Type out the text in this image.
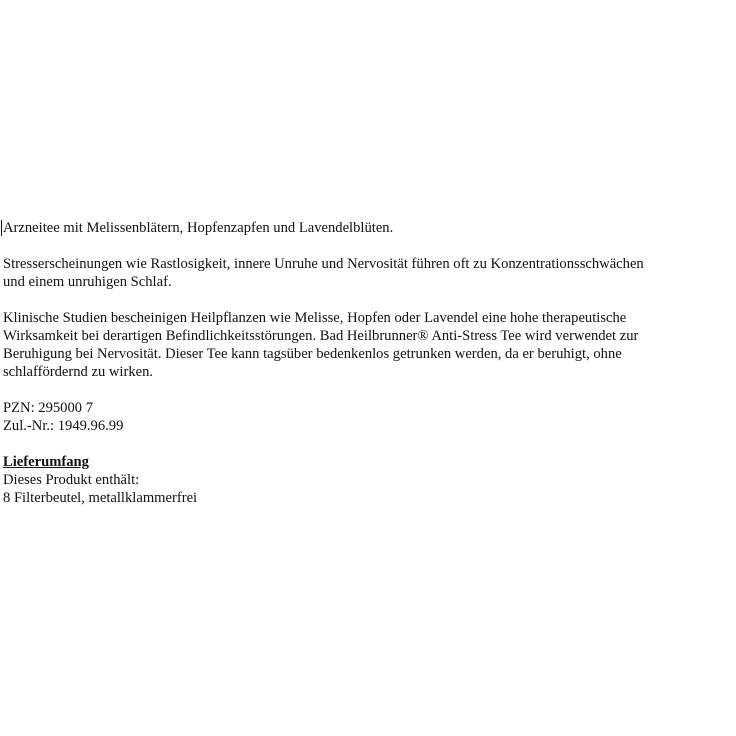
Arzneitee mit Melissenblätern, Hopfenzapfen und Lavendelblüten.

Stresserscheinungen wie Rastlosigkeit, innere Unruhe und Nervosität führen oft zu Konzentrationsschwächen
und einem unruhigen Schlaf.

Klinische Studien bescheinigen Heilpflanzen wie Melisse, Hopfen oder Lavendel eine hohe therapeutische
Wirksamkeit bei derartigen Befindlichkeitsstörungen. Bad Heilbrunner® Anti-Stress Tee wird verwendet zur
Beruhigung bei Nervosität. Dieser Tee kann tagsüber bedenkenlos getrunken werden, da er beruhigt, ohne
schlaffördernd zu wirken.

PZN: 295000 7
Zul.-Nr.: 1949.96.99

Lieferumfang
Dieses Produkt enthält:
8 Filterbeutel, metallklammerfrei
